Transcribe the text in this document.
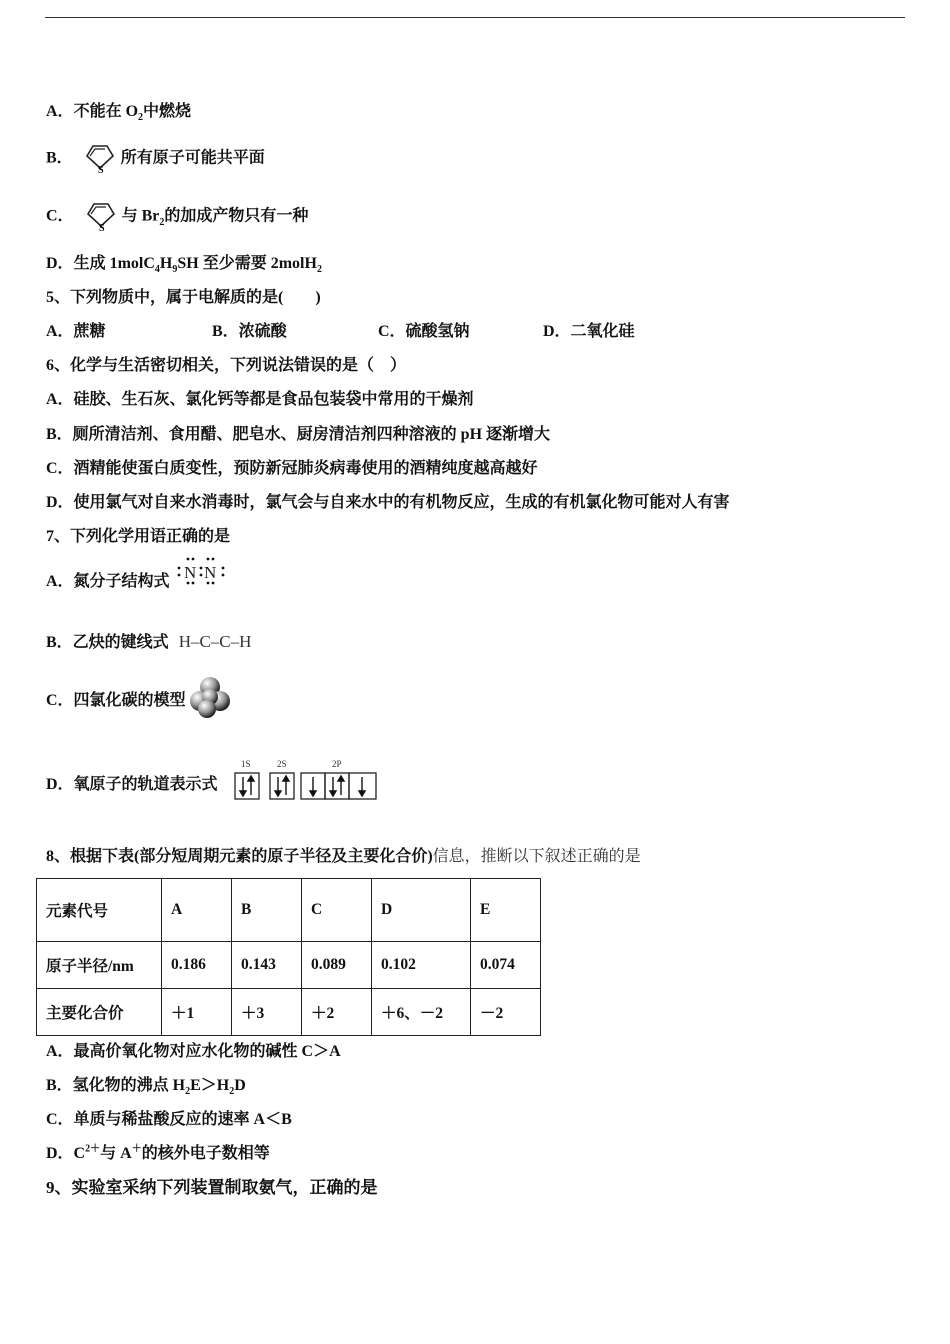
A．不能在 $O_2$中燃烧
B．
S
所有原子可能共平面
C．
S
与 $Br_2$的加成产物只有一种
D．生成 $1molC_4H_9SH$ 至少需要 2molH$_2$
5、下列物质中，属于电解质的是(　　)
A．蔗糖	B．浓硫酸	C．硫酸氢钠	D．二氧化硅
6、化学与生活密切相关，下列说法错误的是（　）
A．硅胶、生石灰、氯化钙等都是食品包装袋中常用的干燥剂
B．厕所清洁剂、食用醋、肥皂水、厨房清洁剂四种溶液的 pH 逐渐增大
C．酒精能使蛋白质变性，预防新冠肺炎病毒使用的酒精纯度越高越好
D．使用氯气对自来水消毒时，氯气会与自来水中的有机物反应，生成的有机氯化物可能对人有害
7、下列化学用语正确的是
A．氮分子结构式 N N
B．乙炔的键线式 H–C–C–H
C．四氯化碳的模型
D．氧原子的轨道表示式
1S	2S	2P
8、根据下表(部分短周期元素的原子半径及主要化合价)信息，推断以下叙述正确的是
元素代号	A	B	C	D	E
原子半径/nm	0.186	0.143	0.089	0.102	0.074
主要化合价	＋1	＋3	＋2	＋6、－2	－2
A．最高价氧化物对应水化物的碱性 C＞A
B．氢化物的沸点 $H_2E>H_2D$
C．单质与稀盐酸反应的速率 A＜B
D．$C^{2+}$与 A＋的核外电子数相等
9、实验室采纳下列装置制取氨气，正确的是
